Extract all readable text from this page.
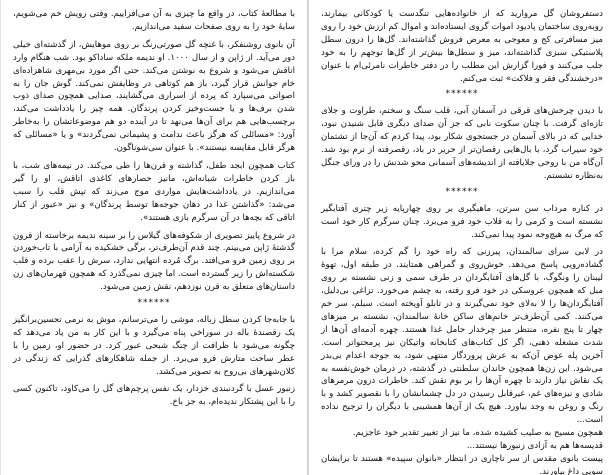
دستفروشان گل مروارید که از خانواده‌هایی تنگدست یا کودکانی بیمارند، روبه‌روی ساختمان پادیود اموات گروی ایستاده‌اند و اموال کم ارزش خود را روی میز مسافرتی کج و معوجی به معرض فروش گذاشته‌اند. گل‌ها را درون سطل پلاستیکی سبزی گذاشته‌اند، میز و سطل‌ها بیش‌تر از گل‌ها توجهم را به خود جلب می‌کنند و فورا گزارش این مطلب را در دفتر خاطرات نامرئی‌ام با عنوان «درخشندگی فقر و فلاکت» ثبت می‌کنم.

******

با دیدن چرخش‌های قرقی در آسمان آبی، قلب سنگ و سخنم، طراوت و جلای تازه‌ای گرفت. با چنان سکوت نابی که جز آن صدای دیگری قابل شنیدن نبود، خدایی که در بالای آسمان در جستجوی شکار بود، پیدا کردم که آن‌جا از تشتمان خود سیراب گرد، با بال‌هایی رقصان‌تر از حریر در باد، رقصرفته از نرم بود شد. آن‌گاه من با روحی جلایافته از اندیشه‌های آسمانی محو شدنش را در ورای جنگل به‌نظاره نشستم.

******

در کناره مرداب سن سرتن، ماهیگیری بر روی چهارپایه زیر چتری آفتابگیر نشسته است و کرمی را به قلاب خود فرو می‌برد. چنان سرگرم کار خود است که مرگ به هیچ‌وجه نمود پیدا نمی‌کند.

در لابی سرای سالمندان، پیرزنی که راه خود را گم کرده، سلام مرا با گشاده‌رویی پاسخ می‌دهد. خوش‌روی و گمراهی همتایند. در طبقه اول، تهوهٔ لیبنان را ونگوگ، با گل‌های آفتابگردان در طرف سمی و زنی نشسته بر روی مبل که همچون عروسکی در خود فرو رفته، به چشم می‌خورد. تزاغی بی‌دلیل، آفتابگردان‌ها را لا به‌لای خود نمی‌گیرند و در تابلو آویخته است. سبلم، سر خم می‌کنند. کمی آن‌طرف‌تر خانم‌های ساکن خانهٔ سالمندان، نشسته بر میزهای چهار تا پنج نفره، منتظر میز چرخدار حامل غذا هستند. چهره آدمه‌ای آن‌ها از شدت مشغله ذهنی، اگر کل کتاب‌های کتابخانه واتیکان نیز پرمحتواتر است. آخرین پله عوض آن‌که به عرش پروردگار منتهی شود، به جوجه اعدام بی‌بدر می‌شود. این زن‌ها همچون خاندان سلطنتی در گذشته، در درمان خوش‌نفسه به یک نقاش نیاز دارند تا چهره آن‌ها را بر بوم نقش کند. خاطرات درون مرمرهای شادی و نیزه‌های غم، غیرقابل رسیدن در دل چشمانشان را با نقصویر کشد و با رنگ و روغن به وجد بیاورد. هیچ یک از آن‌ها همشیبی با دیگران را ترجیح نداده است...

همچون مسیح به صلیب کشیده شده، ما نیز از تغییر تقدیر خود عاجزیم.

قدیسه‌ها هم به آزادی زنبورها نیستند...

پیست بانوی مقدس از سر تاچاری در انتظار «بانوان سپیده» هستند تا برایشان سویی داغ بیاورند.

با مطالعهٔ کتاب، در واقع ما چیزی به آن می‌افزاییم. وقتی رویش خم می‌شویم، سایهٔ خود را به روی صفحات سفید می‌اندازیم.

آن بانوی روشنفکر، با غنچه گل صورتی‌رنگ بر روی موهایش، از گذشته‌ای خیلی دور می‌آید. از ژاپن و از سال ۱۰۰۰. او ندیمه ملکه ساداکو بود. شب هنگام وارد اتاقش می‌شود و شروع به نوشتن می‌کند. حتی اگر مورد بی‌مهری شاهزاده‌ای خام جوانش قرار گیرد، باز هم کوتاهی در وظایفش نمی‌کند. گوش جان را به اصواتی می‌سپارد که پرده از اسراری می‌گشایند، صدایی همچون صدای ذوب شدن برف‌ها و یا جست‌وخیز کردن پرندگان. همه چیز را یادداشت می‌کند، برچسب‌هایی هم برای آن‌ها می‌نهد تا در آینده دو هم موضوعاتشان را به‌خاطر آورد: «مسائلی که هرگز باعث ندامت و پشیمانی نمی‌گردند» و یا «مسائلی که هرگز قابل مقایسه نیستند». با عنوان سی‌شوناگون.

کتاب همچون ابجد طفل، گذاشته و قرن‌ها را طی می‌کند. در نیمه‌های شب، با باز کردن خاطرات شبانه‌اش، مانیز حصارهای کاغذی اتاقش، او را گیر می‌اندازیم. در یادداشت‌هایش مواردی موج می‌زند که تپش قلب را سبب می‌شد: «گذاشتن غذا در دهان جوجه‌ها توسط پرندگان» و نیز «عبور از کنار اتاقی که بچه‌ها در آن سرگرم بازی هستند».

در شروع پاییز تصویری از شکوفه‌های گیلاس را بر سینه ندیمه برخاسته از قرون گذشتهٔ ژاپن می‌بینم. چند قدم آن‌طرف‌تر، برگی خشکیده به آرامی با تاب‌خوردن بر روی زمین فرو می‌افتد. برگ مُرده انتهایی ندارد، سرش را عقب برده و قلب شکسته‌اش را زیر گسترده است. اما چیزی نمی‌گذرد که همچون قهرمان‌های زن داستان‌های متعلق به قرن نوزدهم، نقش زمین می‌شود.

******

با جابه‌جا کردن سطل زباله، موشی را می‌ترسانم، موش به نرمی تحسین‌برانگیز یک رقصندهٔ باله در سوراخی پناه می‌گیرد و با این کار به من یاد می‌دهد که چگونه می‌شود با ظرافت از چنگ شبحی عبور کرد. در حضور او، زمین را با عطر ساحت متارش فرو می‌برد. از جمله شاهکارهای گذرایی که زندگی در کلان‌شهرهای بی‌روح به تصویر می‌کشد.

زنبور عسل با گردنبندی خزدار، یک نفس پرچم‌های گل را می‌کاود، تاکنون کسی را با این پشتکار ندیده‌ام، به جز باخ.
